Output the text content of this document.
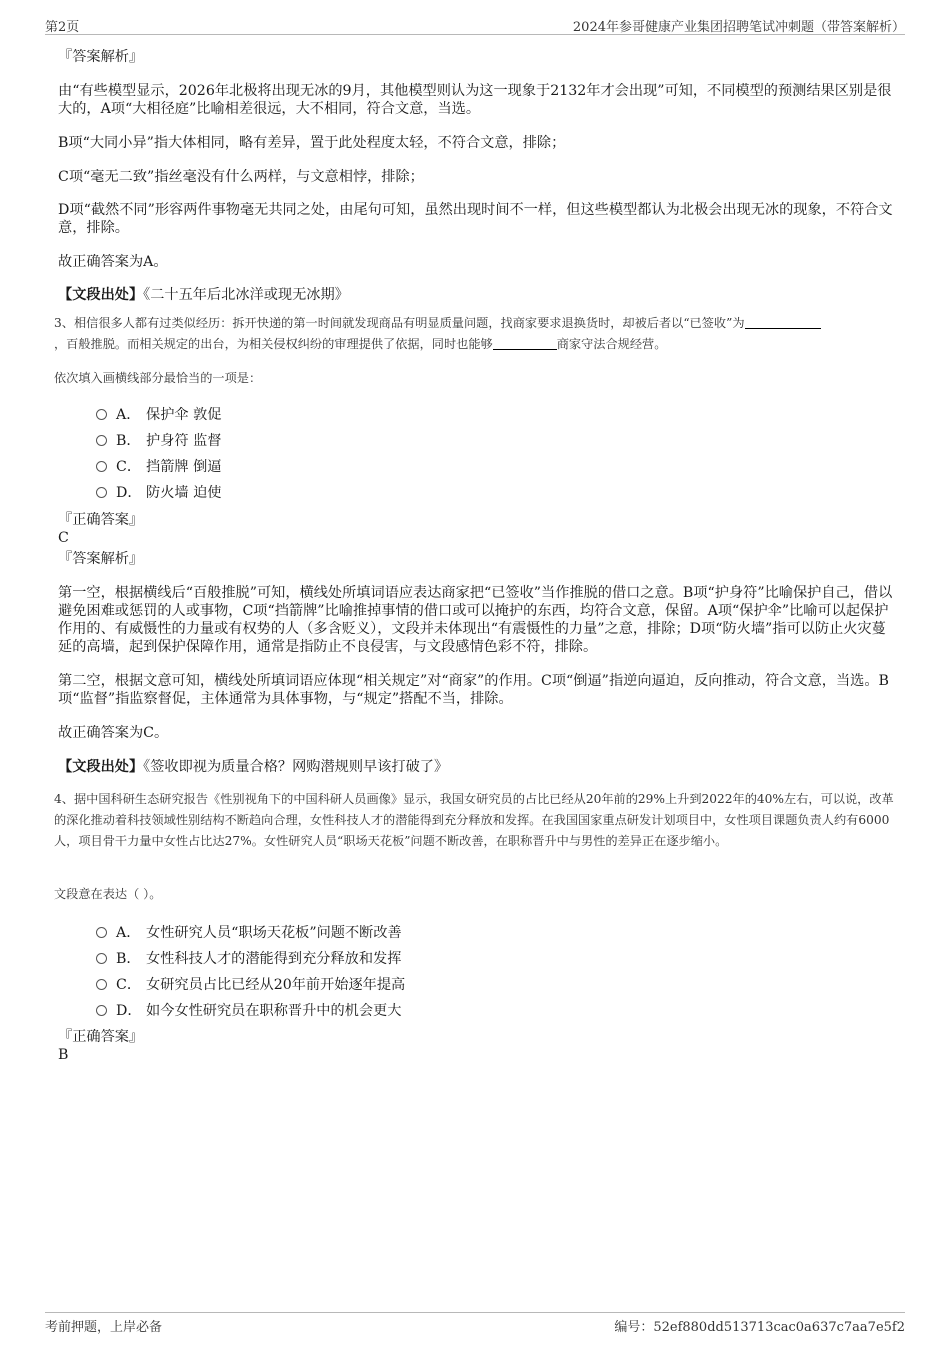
第2页	2024年参哥健康产业集团招聘笔试冲刺题（带答案解析）
『答案解析』
由“有些模型显示，2026年北极将出现无冰的9月，其他模型则认为这一现象于2132年才会出现”可知，不同模型的预测结果区别是很大的，A项“大相径庭”比喻相差很远，大不相同，符合文意，当选。
B项“大同小异”指大体相同，略有差异，置于此处程度太轻，不符合文意，排除；
C项“毫无二致”指丝毫没有什么两样，与文意相悖，排除；
D项“截然不同”形容两件事物毫无共同之处，由尾句可知，虽然出现时间不一样，但这些模型都认为北极会出现无冰的现象，不符合文意，排除。
故正确答案为A。
【文段出处】《二十五年后北冰洋或现无冰期》
3、相信很多人都有过类似经历：拆开快递的第一时间就发现商品有明显质量问题，找商家要求退换货时，却被后者以“已签收”为
，百般推脱。而相关规定的出台，为相关侵权纠纷的审理提供了依据，同时也能够	商家守法合规经营。
依次填入画横线部分最恰当的一项是：
A． 保护伞 敦促
B． 护身符 监督
C． 挡箭牌 倒逼
D． 防火墙 迫使
『正确答案』
C
『答案解析』
第一空，根据横线后“百般推脱”可知，横线处所填词语应表达商家把“已签收”当作推脱的借口之意。B项“护身符”比喻保护自己，借以避免困难或惩罚的人或事物，C项“挡箭牌”比喻推掉事情的借口或可以掩护的东西，均符合文意，保留。A项“保护伞”比喻可以起保护作用的、有威慑性的力量或有权势的人（多含贬义），文段并未体现出“有震慑性的力量”之意，排除；D项“防火墙”指可以防止火灾蔓延的高墙，起到保护保障作用，通常是指防止不良侵害，与文段感情色彩不符，排除。
第二空，根据文意可知，横线处所填词语应体现“相关规定”对“商家”的作用。C项“倒逼”指逆向逼迫，反向推动，符合文意，当选。B项“监督”指监察督促，主体通常为具体事物，与“规定”搭配不当，排除。
故正确答案为C。
【文段出处】《签收即视为质量合格？网购潜规则早该打破了》
4、据中国科研生态研究报告《性别视角下的中国科研人员画像》显示，我国女研究员的占比已经从20年前的29%上升到2022年的40%左右，可以说，改革的深化推动着科技领域性别结构不断趋向合理，女性科技人才的潜能得到充分释放和发挥。在我国国家重点研发计划项目中，女性项目课题负责人约有6000人，项目骨干力量中女性占比达27%。女性研究人员“职场天花板”问题不断改善，在职称晋升中与男性的差异正在逐步缩小。
文段意在表达（ ）。
A． 女性研究人员“职场天花板”问题不断改善
B． 女性科技人才的潜能得到充分释放和发挥
C． 女研究员占比已经从20年前开始逐年提高
D． 如今女性研究员在职称晋升中的机会更大
『正确答案』
B
考前押题，上岸必备	编号：52ef880dd513713cac0a637c7aa7e5f2
